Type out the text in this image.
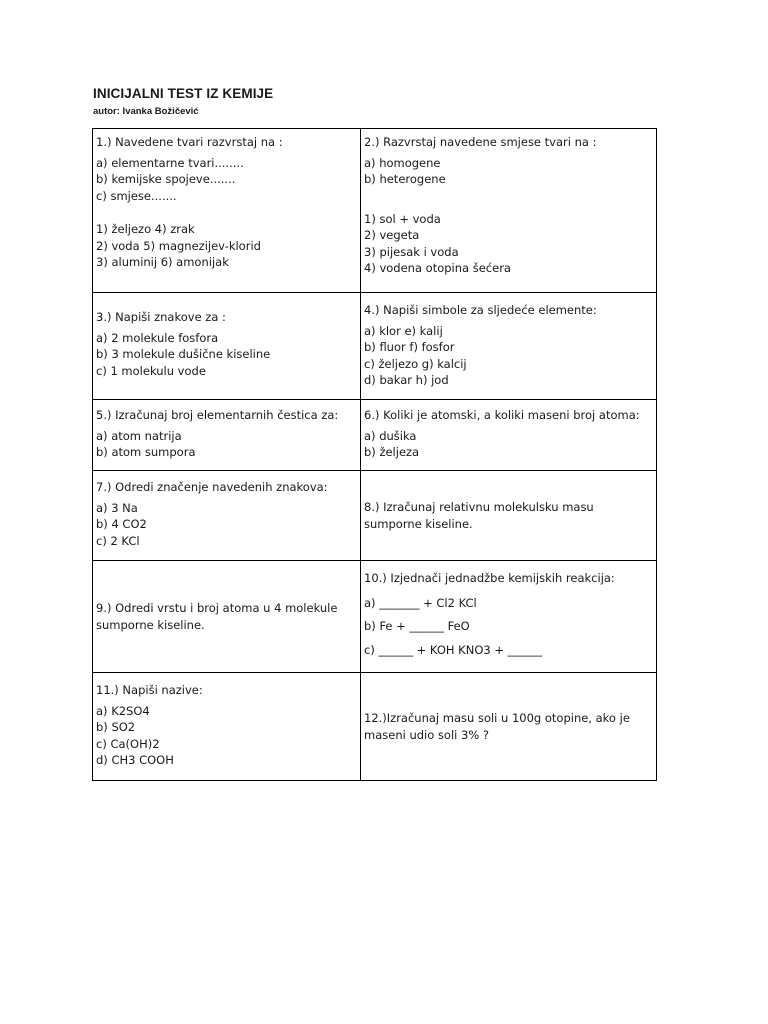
INICIJALNI TEST IZ KEMIJE
autor: Ivanka Božičević
1.) Navedene tvari razvrstaj na :
a) elementarne tvari........
b) kemijske spojeve.......
c) smjese.......
1) željezo 4) zrak
2) voda 5) magnezijev-klorid
3) aluminij 6) amonijak
2.) Razvrstaj navedene smjese tvari na :
a) homogene
b) heterogene
1) sol + voda
2) vegeta
3) pijesak i voda
4) vodena otopina šećera
3.) Napiši znakove za :
a) 2 molekule fosfora
b) 3 molekule dušične kiseline
c) 1 molekulu vode
4.) Napiši simbole za sljedeće elemente:
a) klor e) kalij
b) fluor f) fosfor
c) željezo g) kalcij
d) bakar h) jod
5.) Izračunaj broj elementarnih čestica za:
a) atom natrija
b) atom sumpora
6.) Koliki je atomski, a koliki maseni broj atoma:
a) dušika
b) željeza
7.) Odredi značenje navedenih znakova:
a) 3 Na
b) 4 CO2
c) 2 KCl
8.) Izračunaj relativnu molekulsku masu
sumporne kiseline.
9.) Odredi vrstu i broj atoma u 4 molekule
sumporne kiseline.
10.) Izjednači jednadžbe kemijskih reakcija:
a) _______ + Cl2 KCl
b) Fe + ______ FeO
c) ______ + KOH KNO3 + ______
11.) Napiši nazive:
a) K2SO4
b) SO2
c) Ca(OH)2
d) CH3 COOH
12.)Izračunaj masu soli u 100g otopine, ako je
maseni udio soli 3% ?
